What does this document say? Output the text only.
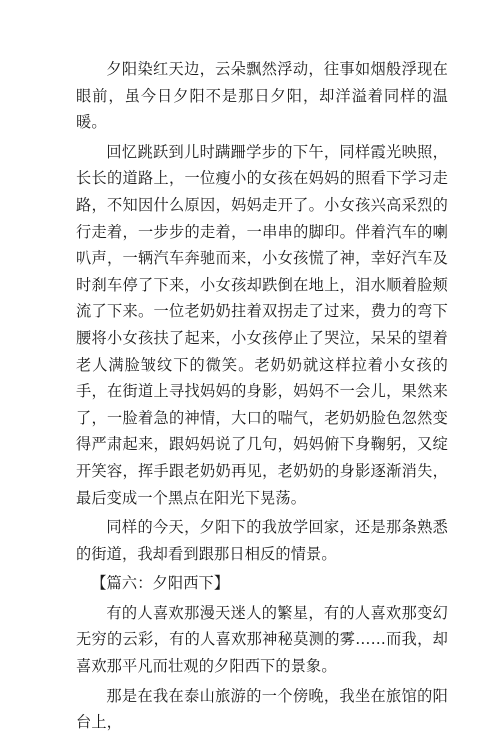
夕阳染红天边，云朵飘然浮动，往事如烟般浮现在眼前，虽今日夕阳不是那日夕阳，却洋溢着同样的温暖。

回忆跳跃到儿时蹒跚学步的下午，同样霞光映照，长长的道路上，一位瘦小的女孩在妈妈的照看下学习走路，不知因什么原因，妈妈走开了。小女孩兴高采烈的行走着，一步步的走着，一串串的脚印。伴着汽车的喇叭声，一辆汽车奔驰而来，小女孩慌了神，幸好汽车及时刹车停了下来，小女孩却跌倒在地上，泪水顺着脸颊流了下来。一位老奶奶拄着双拐走了过来，费力的弯下腰将小女孩扶了起来，小女孩停止了哭泣，呆呆的望着老人满脸皱纹下的微笑。老奶奶就这样拉着小女孩的手，在街道上寻找妈妈的身影，妈妈不一会儿，果然来了，一脸着急的神情，大口的喘气，老奶奶脸色忽然变得严肃起来，跟妈妈说了几句，妈妈俯下身鞠躬，又绽开笑容，挥手跟老奶奶再见，老奶奶的身影逐渐消失，最后变成一个黑点在阳光下晃荡。

同样的今天，夕阳下的我放学回家，还是那条熟悉的街道，我却看到跟那日相反的情景。

【篇六：夕阳西下】

有的人喜欢那漫天迷人的繁星，有的人喜欢那变幻无穷的云彩，有的人喜欢那神秘莫测的雾……而我，却喜欢那平凡而壮观的夕阳西下的景象。

那是在我在泰山旅游的一个傍晚，我坐在旅馆的阳台上，
